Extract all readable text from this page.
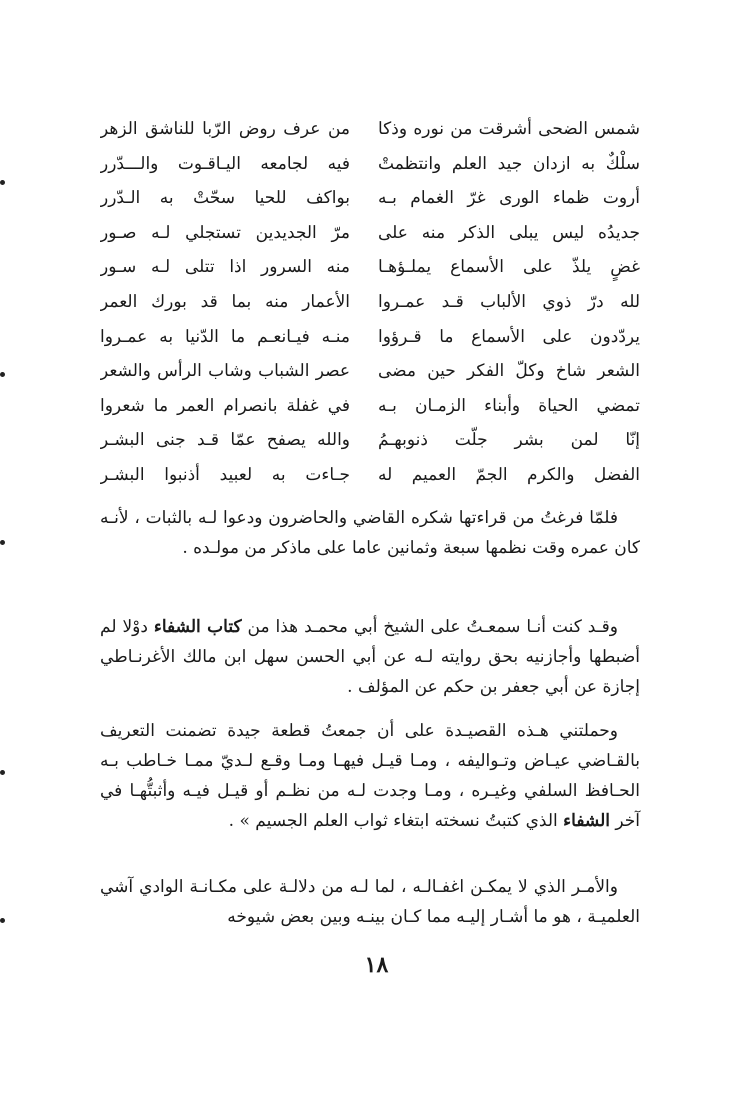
شمس الضحى أشرقت من نوره وذكا
سلْكٌ به ازدان جيد العلم وانتظمتْ
أروت ظماء الورى غرّ الغمام بـه
جديدُه ليس يبلى الذكر منه على
غضٍ يلذّ على الأسماع يملـؤهـا
لله درّ ذوي الألباب قـد عمـروا
يردّدون على الأسماع ما قـرؤوا
الشعر شاخ وكلّ الفكر حين مضى
تمضي الحياة وأبناء الزمـان بـه
إنّا لمن بشر جلّت ذنوبهـمُ
الفضل والكرم الجمّ العميم له
من عرف روض الرّبا للناشق الزهر
فيه لجامعه اليـاقـوت والـــدّرر
بواكف للحيا سحّتْ به الـدّرر
مرّ الجديدين تستجلي لـه صـور
منه السرور اذا تتلى لـه سـور
الأعمار منه بما قد بورك العمر
منـه فيـانعـم ما الدّنيا به عمـروا
عصر الشباب وشاب الرأس والشعر
في غفلة بانصرام العمر ما شعروا
والله يصفح عمّا قـد جنى البشـر
جـاءت به لعبيد أذنبوا البشـر

فلمّا فرغتُ من قراءتها شكره القاضي والحاضرون ودعوا لـه بالثبات ، لأنـه كان عمره وقت نظمها سبعة وثمانين عاما على ماذكر من مولـده .

وقـد كنت أنـا سمعـتُ على الشيخ أبي محمـد هذا من كتاب الشفاء دوْلا لم أضبطها وأجازنيه بحق روايته لـه عن أبي الحسن سهل ابن مالك الأغرنـاطي إجازة عن أبي جعفر بن حكم عن المؤلف .

وحملتني هـذه القصيـدة على أن جمعتُ قطعة جيدة تضمنت التعريف بالقـاضي عيـاض وتـواليفه ، ومـا قيـل فيهـا ومـا وقـع لـديّ ممـا خـاطب بـه الحـافظ السلفي وغيـره ، ومـا وجدت لـه من نظـم أو قيـل فيـه وأثبتُّهـا في آخر الشفاء الذي كتبتُ نسخته ابتغاء ثواب العلم الجسيم » .

والأمـر الذي لا يمكـن اغفـالـه ، لما لـه من دلالـة على مكـانـة الوادي آشي العلميـة ، هو ما أشـار إليـه مما كـان بينـه وبين بعض شيوخه

١٨
